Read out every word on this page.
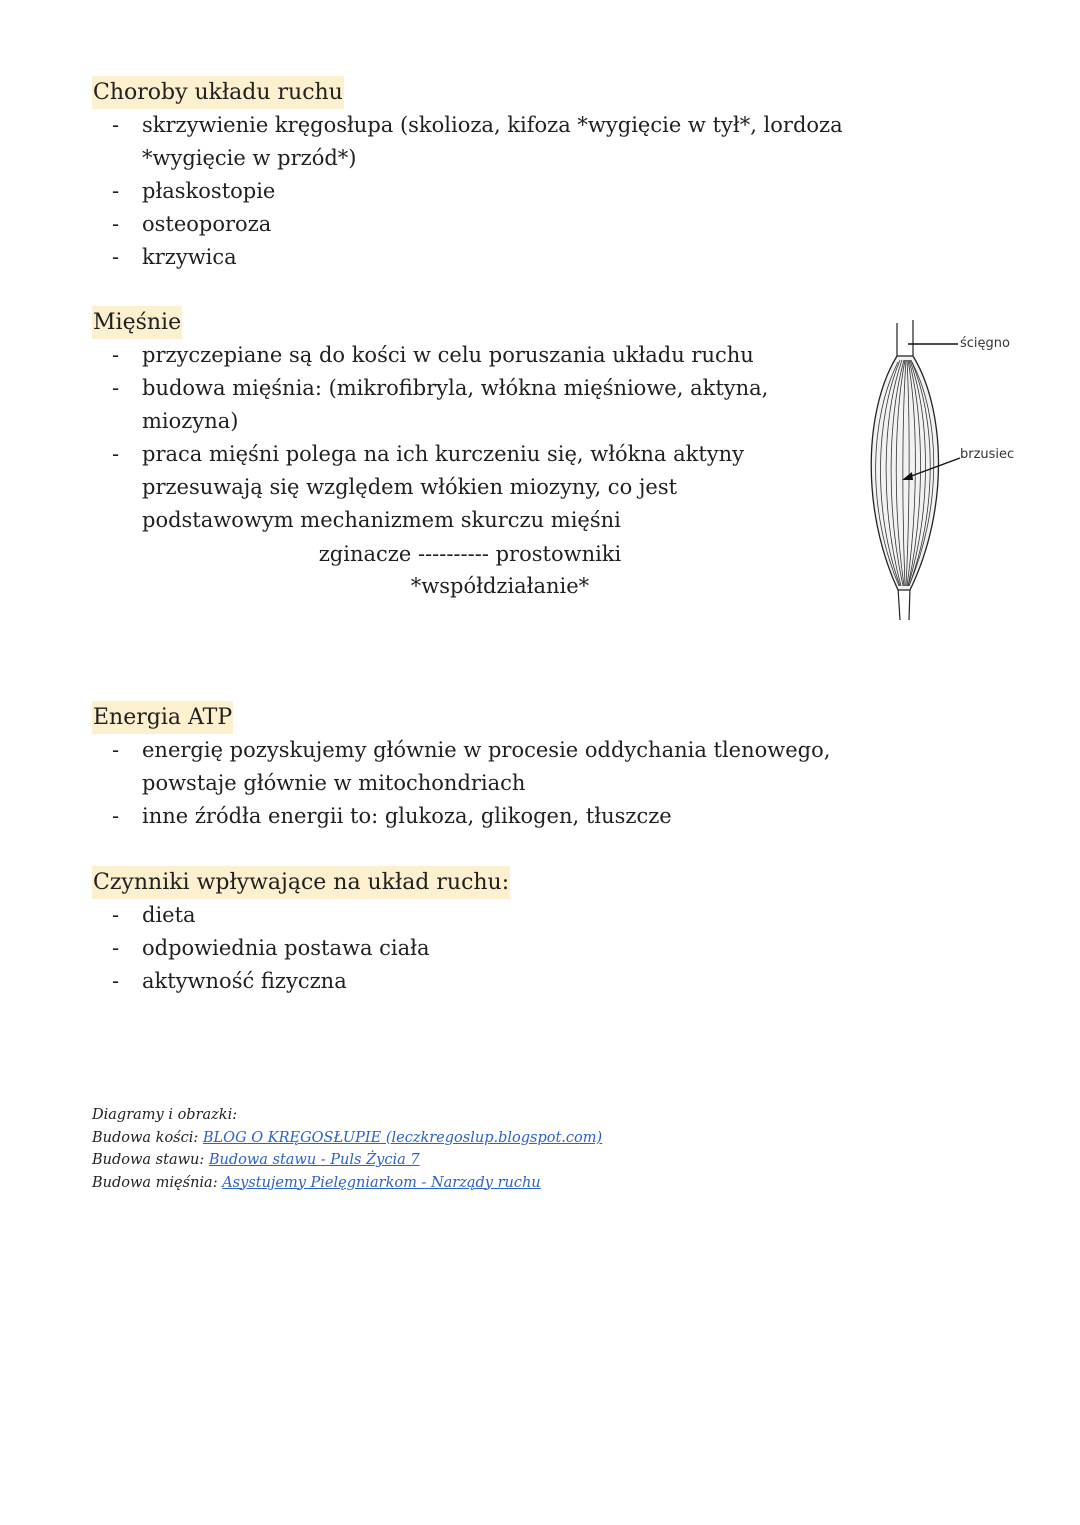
Choroby układu ruchu
- skrzywienie kręgosłupa (skolioza, kifoza *wygięcie w tył*, lordoza *wygięcie w przód*)
- płaskostopie
- osteoporoza
- krzywica
Mięśnie
- przyczepiane są do kości w celu poruszania układu ruchu
- budowa mięśnia: (mikrofibryla, włókna mięśniowe, aktyna, miozyna)
- praca mięśni polega na ich kurczeniu się, włókna aktyny przesuwają się względem włókien miozyny, co jest podstawowym mechanizmem skurczu mięśni
zginacze ---------- prostowniki
*współdziałanie*
ścięgno
brzusiec
Energia ATP
- energię pozyskujemy głównie w procesie oddychania tlenowego, powstaje głównie w mitochondriach
- inne źródła energii to: glukoza, glikogen, tłuszcze
Czynniki wpływające na układ ruchu:
- dieta
- odpowiednia postawa ciała
- aktywność fizyczna
Diagramy i obrazki:
Budowa kości: BLOG O KRĘGOSŁUPIE (leczkregoslup.blogspot.com)
Budowa stawu: Budowa stawu - Puls Życia 7
Budowa mięśnia: Asystujemy Pielęgniarkom - Narządy ruchu
